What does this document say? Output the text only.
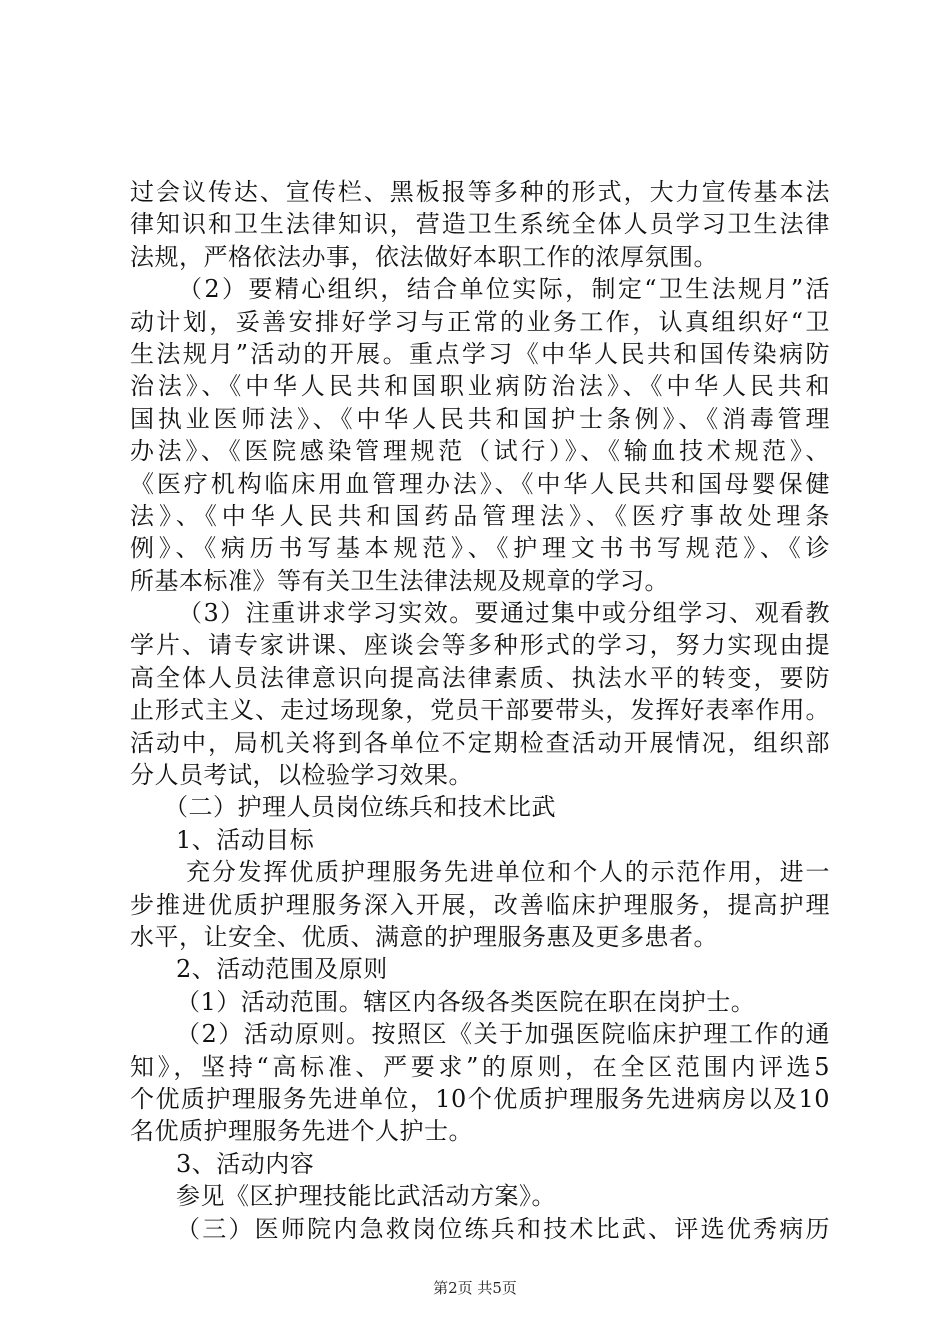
过会议传达、宣传栏、黑板报等多种的形式，大力宣传基本法
律知识和卫生法律知识，营造卫生系统全体人员学习卫生法律
法规，严格依法办事，依法做好本职工作的浓厚氛围。
（2）要精心组织，结合单位实际，制定“卫生法规月”活
动计划，妥善安排好学习与正常的业务工作，认真组织好“卫
生法规月”活动的开展。重点学习《中华人民共和国传染病防
治法》、《中华人民共和国职业病防治法》、《中华人民共和
国执业医师法》、《中华人民共和国护士条例》、《消毒管理
办法》、《医院感染管理规范（试行）》、《输血技术规范》、
《医疗机构临床用血管理办法》、《中华人民共和国母婴保健
法》、《中华人民共和国药品管理法》、《医疗事故处理条
例》、《病历书写基本规范》、《护理文书书写规范》、《诊
所基本标准》等有关卫生法律法规及规章的学习。
（3）注重讲求学习实效。要通过集中或分组学习、观看教
学片、请专家讲课、座谈会等多种形式的学习，努力实现由提
高全体人员法律意识向提高法律素质、执法水平的转变，要防
止形式主义、走过场现象，党员干部要带头，发挥好表率作用。
活动中，局机关将到各单位不定期检查活动开展情况，组织部
分人员考试，以检验学习效果。
（二）护理人员岗位练兵和技术比武
1、活动目标
充分发挥优质护理服务先进单位和个人的示范作用，进一
步推进优质护理服务深入开展，改善临床护理服务，提高护理
水平，让安全、优质、满意的护理服务惠及更多患者。
2、活动范围及原则
（1）活动范围。辖区内各级各类医院在职在岗护士。
（2）活动原则。按照区《关于加强医院临床护理工作的通
知》，坚持“高标准、严要求”的原则，在全区范围内评选5
个优质护理服务先进单位，10个优质护理服务先进病房以及10
名优质护理服务先进个人护士。
3、活动内容
参见《区护理技能比武活动方案》。
（三）医师院内急救岗位练兵和技术比武、评选优秀病历
第2页 共5页
